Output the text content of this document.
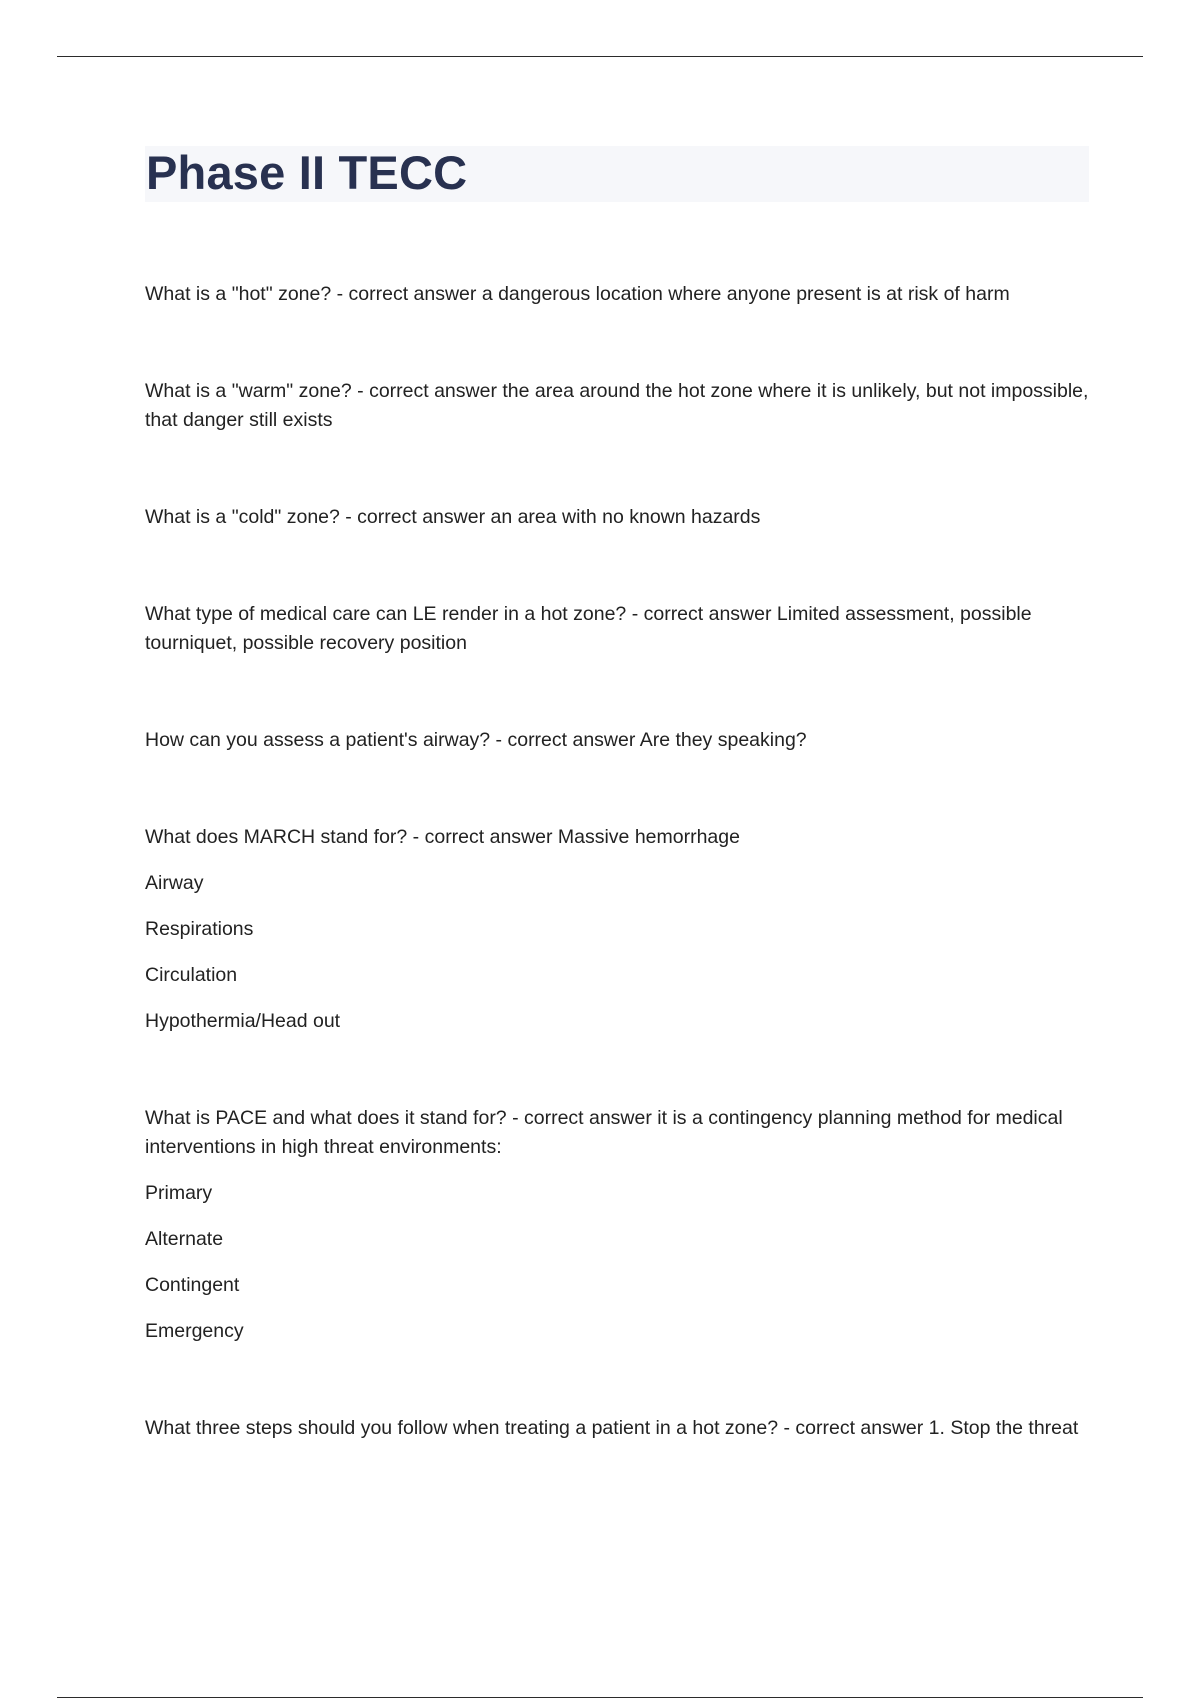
Phase II TECC

What is a "hot" zone? - correct answer a dangerous location where anyone present is at risk of harm

What is a "warm" zone? - correct answer the area around the hot zone where it is unlikely, but not impossible, that danger still exists

What is a "cold" zone? - correct answer an area with no known hazards

What type of medical care can LE render in a hot zone? - correct answer Limited assessment, possible tourniquet, possible recovery position

How can you assess a patient's airway? - correct answer Are they speaking?

What does MARCH stand for? - correct answer Massive hemorrhage

Airway

Respirations

Circulation

Hypothermia/Head out

What is PACE and what does it stand for? - correct answer it is a contingency planning method for medical interventions in high threat environments:

Primary

Alternate

Contingent

Emergency

What three steps should you follow when treating a patient in a hot zone? - correct answer 1. Stop the threat
